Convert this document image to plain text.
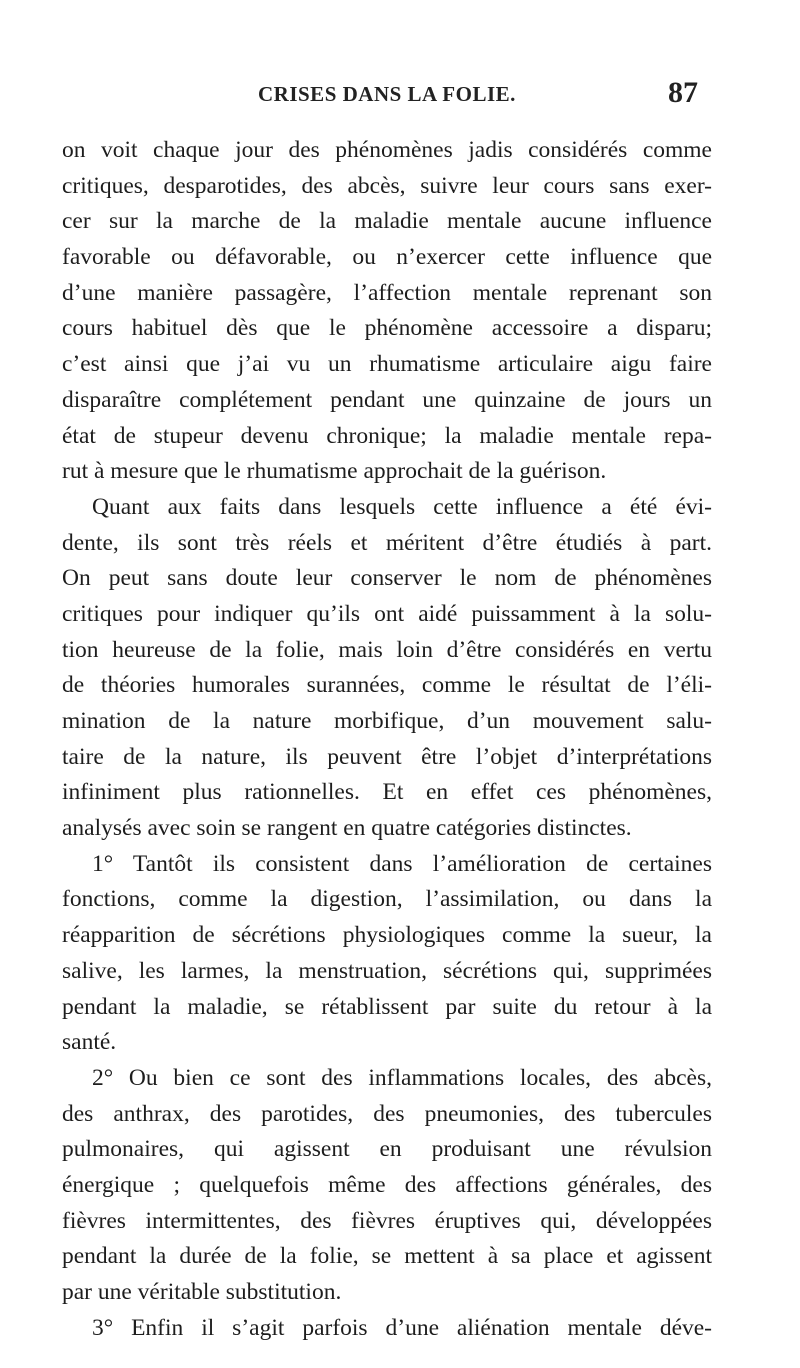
CRISES DANS LA FOLIE.	87
on voit chaque jour des phénomènes jadis considérés comme
critiques, desparotides, des abcès, suivre leur cours sans exer-
cer sur la marche de la maladie mentale aucune influence
favorable ou défavorable, ou n’exercer cette influence que
d’une manière passagère, l’affection mentale reprenant son
cours habituel dès que le phénomène accessoire a disparu;
c’est ainsi que j’ai vu un rhumatisme articulaire aigu faire
disparaître complétement pendant une quinzaine de jours un
état de stupeur devenu chronique; la maladie mentale repa-
rut à mesure que le rhumatisme approchait de la guérison.
Quant aux faits dans lesquels cette influence a été évi-
dente, ils sont très réels et méritent d’être étudiés à part.
On peut sans doute leur conserver le nom de phénomènes
critiques pour indiquer qu’ils ont aidé puissamment à la solu-
tion heureuse de la folie, mais loin d’être considérés en vertu
de théories humorales surannées, comme le résultat de l’éli-
mination de la nature morbifique, d’un mouvement salu-
taire de la nature, ils peuvent être l’objet d’interprétations
infiniment plus rationnelles. Et en effet ces phénomènes,
analysés avec soin se rangent en quatre catégories distinctes.
1° Tantôt ils consistent dans l’amélioration de certaines
fonctions, comme la digestion, l’assimilation, ou dans la
réapparition de sécrétions physiologiques comme la sueur, la
salive, les larmes, la menstruation, sécrétions qui, supprimées
pendant la maladie, se rétablissent par suite du retour à la
santé.
2° Ou bien ce sont des inflammations locales, des abcès,
des anthrax, des parotides, des pneumonies, des tubercules
pulmonaires, qui agissent en produisant une révulsion
énergique ; quelquefois même des affections générales, des
fièvres intermittentes, des fièvres éruptives qui, développées
pendant la durée de la folie, se mettent à sa place et agissent
par une véritable substitution.
3° Enfin il s’agit parfois d’une aliénation mentale déve-
